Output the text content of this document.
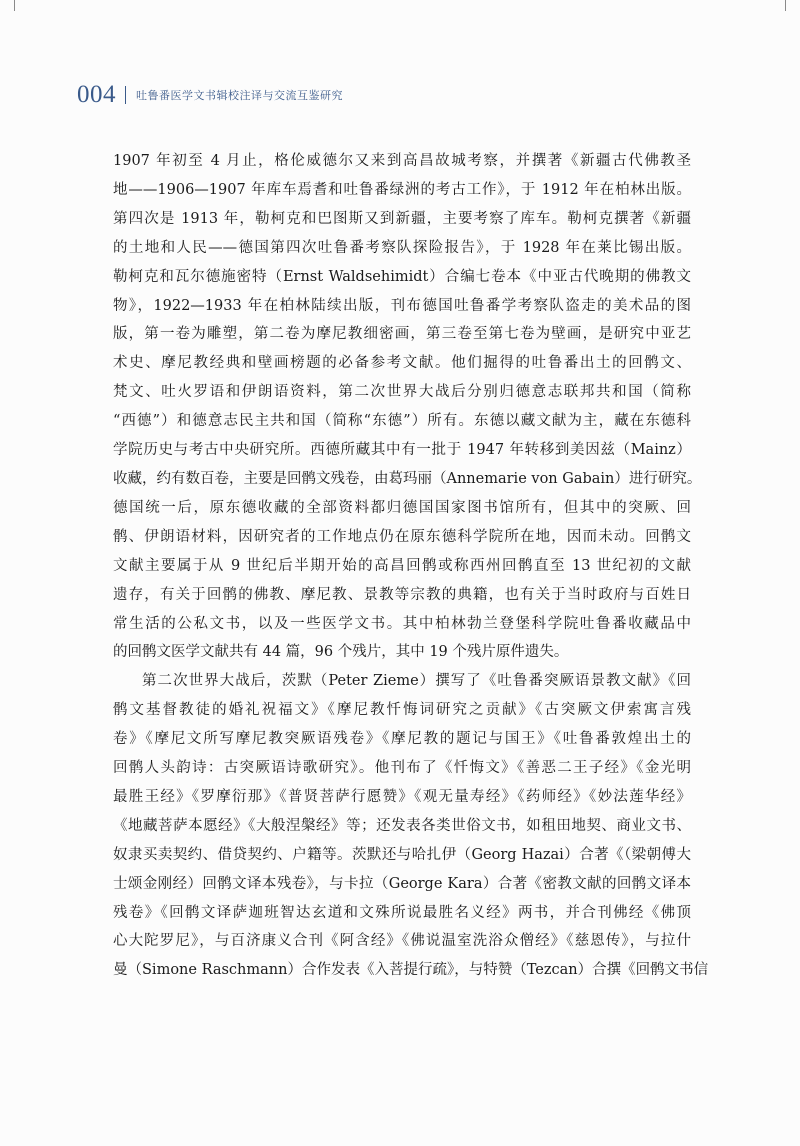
004 吐鲁番医学文书辑校注译与交流互鉴研究
1907 年初至 4 月止，格伦威德尔又来到高昌故城考察，并撰著《新疆古代佛教圣
地——1906—1907 年库车焉耆和吐鲁番绿洲的考古工作》，于 1912 年在柏林出版。
第四次是 1913 年，勒柯克和巴图斯又到新疆，主要考察了库车。勒柯克撰著《新疆
的土地和人民——德国第四次吐鲁番考察队探险报告》，于 1928 年在莱比锡出版。
勒柯克和瓦尔德施密特（Ernst Waldsehimidt）合编七卷本《中亚古代晚期的佛教文
物》，1922—1933 年在柏林陆续出版，刊布德国吐鲁番学考察队盗走的美术品的图
版，第一卷为雕塑，第二卷为摩尼教细密画，第三卷至第七卷为壁画，是研究中亚艺
术史、摩尼教经典和壁画榜题的必备参考文献。他们掘得的吐鲁番出土的回鹘文、
梵文、吐火罗语和伊朗语资料，第二次世界大战后分别归德意志联邦共和国（简称
“西德”）和德意志民主共和国（简称“东德”）所有。东德以藏文献为主，藏在东德科
学院历史与考古中央研究所。西德所藏其中有一批于 1947 年转移到美因兹（Mainz）
收藏，约有数百卷，主要是回鹘文残卷，由葛玛丽（Annemarie von Gabain）进行研究。
德国统一后，原东德收藏的全部资料都归德国国家图书馆所有，但其中的突厥、回
鹘、伊朗语材料，因研究者的工作地点仍在原东德科学院所在地，因而未动。回鹘文
文献主要属于从 9 世纪后半期开始的高昌回鹘或称西州回鹘直至 13 世纪初的文献
遗存，有关于回鹘的佛教、摩尼教、景教等宗教的典籍，也有关于当时政府与百姓日
常生活的公私文书，以及一些医学文书。其中柏林勃兰登堡科学院吐鲁番收藏品中
的回鹘文医学文献共有 44 篇，96 个残片，其中 19 个残片原件遗失。
第二次世界大战后，茨默（Peter Zieme）撰写了《吐鲁番突厥语景教文献》《回
鹘文基督教徒的婚礼祝福文》《摩尼教忏悔词研究之贡献》《古突厥文伊索寓言残
卷》《摩尼文所写摩尼教突厥语残卷》《摩尼教的题记与国王》《吐鲁番敦煌出土的
回鹘人头韵诗：古突厥语诗歌研究》。他刊布了《忏悔文》《善恶二王子经》《金光明
最胜王经》《罗摩衍那》《普贤菩萨行愿赞》《观无量寿经》《药师经》《妙法莲华经》
《地藏菩萨本愿经》《大般涅槃经》等；还发表各类世俗文书，如租田地契、商业文书、
奴隶买卖契约、借贷契约、户籍等。茨默还与哈扎伊（Georg Hazai）合著《（梁朝傅大
士颂金刚经）回鹘文译本残卷》，与卡拉（George Kara）合著《密教文献的回鹘文译本
残卷》《回鹘文译萨迦班智达玄道和文殊所说最胜名义经》两书，并合刊佛经《佛顶
心大陀罗尼》，与百济康义合刊《阿含经》《佛说温室洗浴众僧经》《慈恩传》，与拉什
曼（Simone Raschmann）合作发表《入菩提行疏》，与特赞（Tezcan）合撰《回鹘文书信
